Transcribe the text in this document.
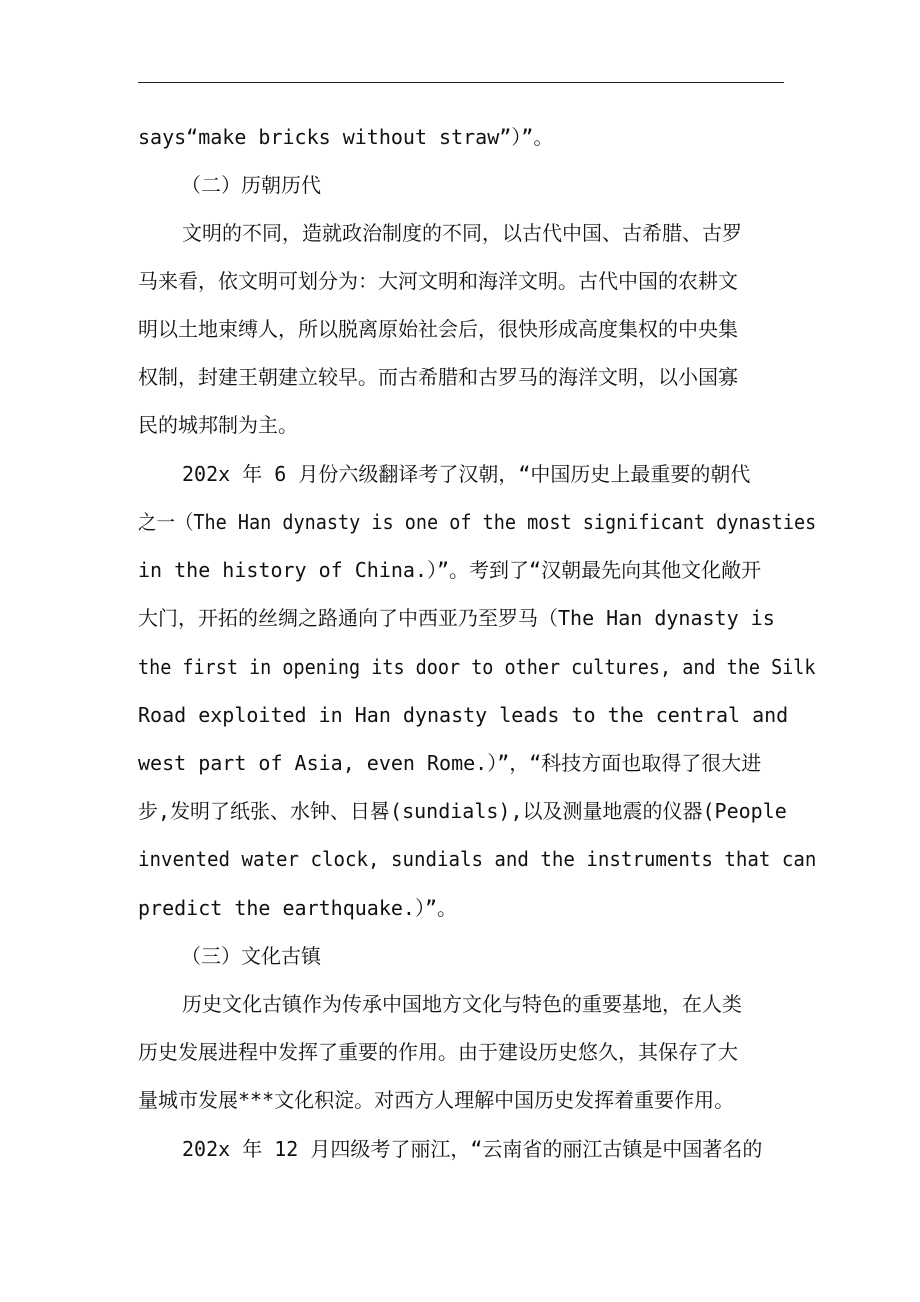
says“make bricks without straw”）”。
（二）历朝历代
文明的不同，造就政治制度的不同，以古代中国、古希腊、古罗
马来看，依文明可划分为：大河文明和海洋文明。古代中国的农耕文
明以土地束缚人，所以脱离原始社会后，很快形成高度集权的中央集
权制，封建王朝建立较早。而古希腊和古罗马的海洋文明，以小国寡
民的城邦制为主。
202x 年 6 月份六级翻译考了汉朝，“中国历史上最重要的朝代
之一（The Han dynasty is one of the most significant dynasties
in the history of China.）”。考到了“汉朝最先向其他文化敞开
大门，开拓的丝绸之路通向了中西亚乃至罗马（The Han dynasty is
the first in opening its door to other cultures, and the Silk
Road exploited in Han dynasty leads to the central and
west part of Asia, even Rome.）”，“科技方面也取得了很大进
步,发明了纸张、水钟、日晷(sundials),以及测量地震的仪器(People
invented water clock, sundials and the instruments that can
predict the earthquake.）”。
（三）文化古镇
历史文化古镇作为传承中国地方文化与特色的重要基地，在人类
历史发展进程中发挥了重要的作用。由于建设历史悠久，其保存了大
量城市发展***文化积淀。对西方人理解中国历史发挥着重要作用。
202x 年 12 月四级考了丽江，“云南省的丽江古镇是中国著名的
